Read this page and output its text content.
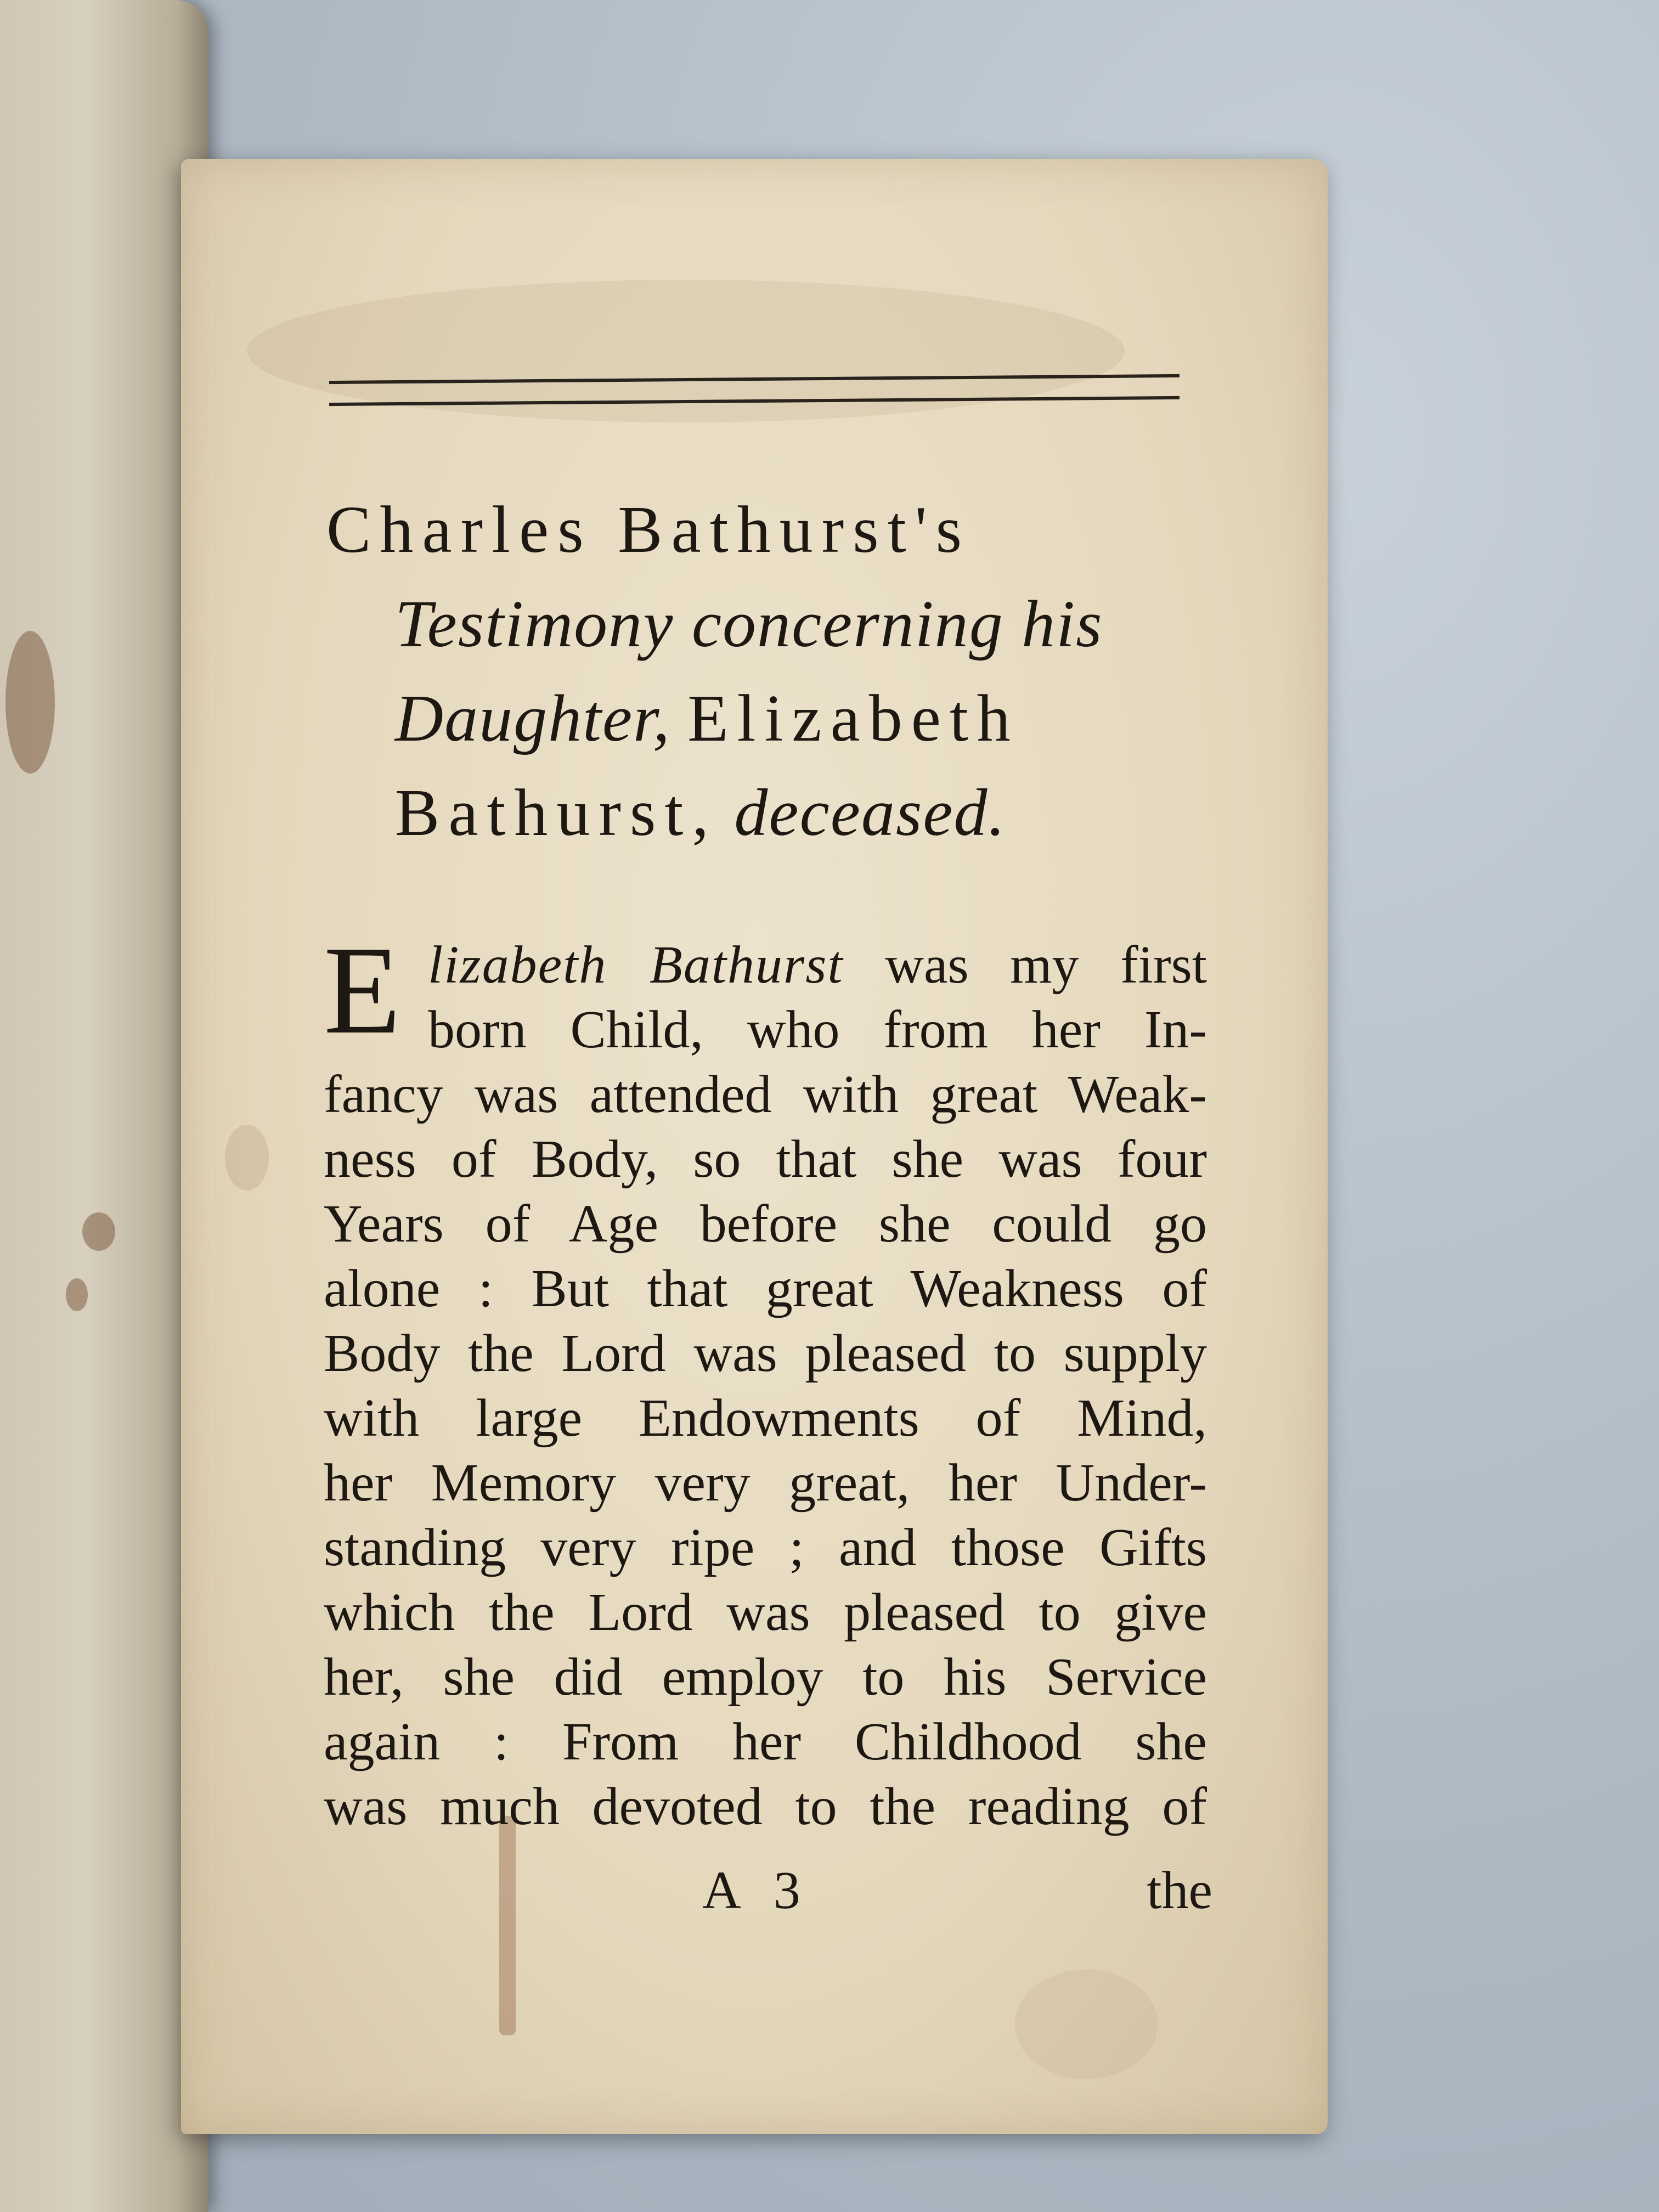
Charles Bathurst's
Testimony concerning his
Daughter, Elizabeth
Bathurst, deceased.
E lizabeth Bathurst was my first
born Child, who from her In-
fancy was attended with great Weak-
ness of Body, so that she was four
Years of Age before she could go
alone : But that great Weakness of
Body the Lord was pleased to supply
with large Endowments of Mind,
her Memory very great, her Under-
standing very ripe ; and those Gifts
which the Lord was pleased to give
her, she did employ to his Service
again : From her Childhood she
was much devoted to the reading of
A 3	the
